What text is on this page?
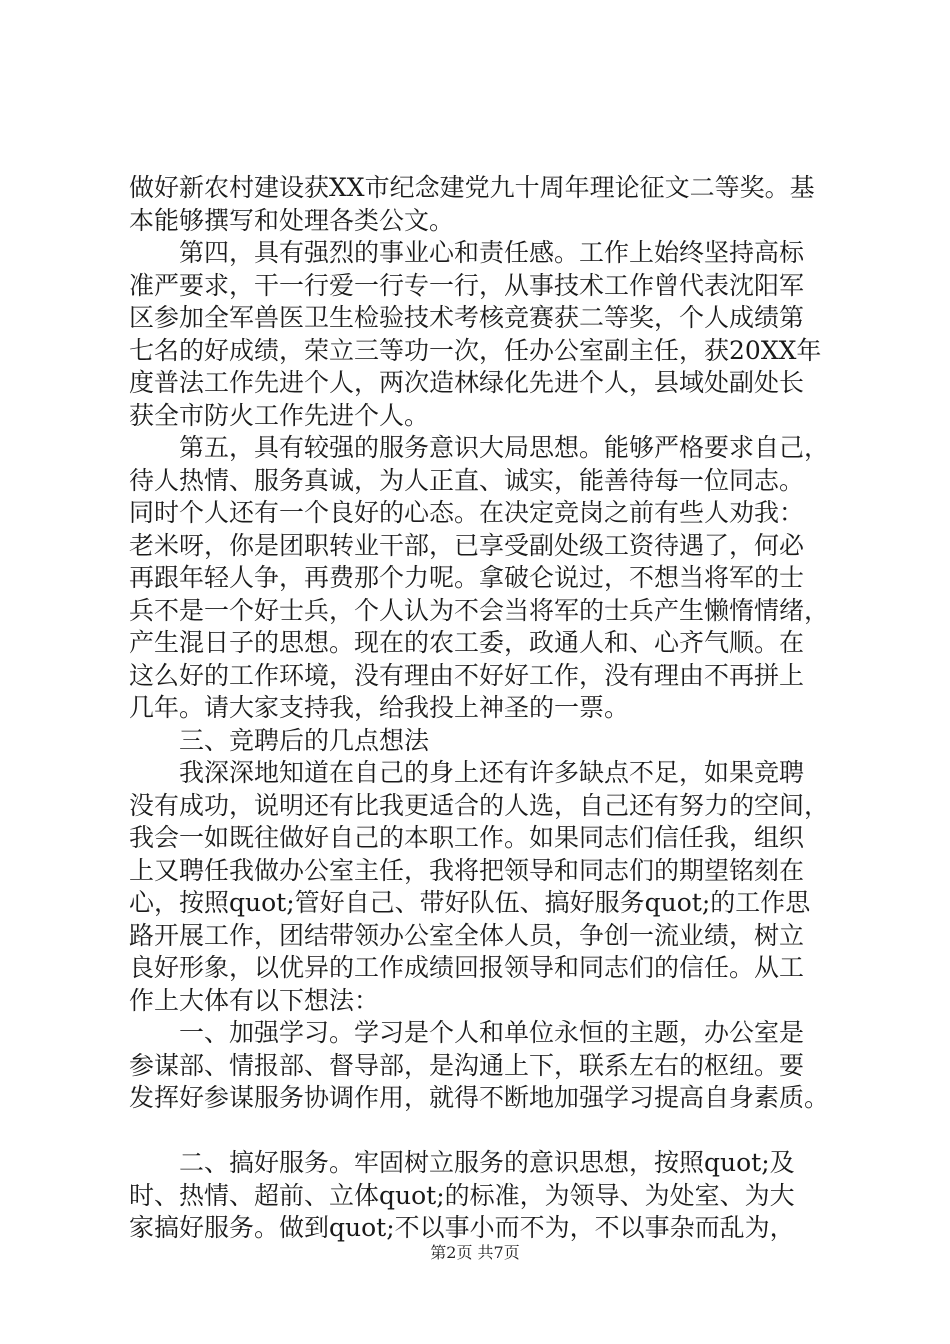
做好新农村建设获XX市纪念建党九十周年理论征文二等奖。基
本能够撰写和处理各类公文。
　　第四，具有强烈的事业心和责任感。工作上始终坚持高标
准严要求，干一行爱一行专一行，从事技术工作曾代表沈阳军
区参加全军兽医卫生检验技术考核竞赛获二等奖，个人成绩第
七名的好成绩，荣立三等功一次，任办公室副主任，获20XX年
度普法工作先进个人，两次造林绿化先进个人，县域处副处长
获全市防火工作先进个人。
　　第五，具有较强的服务意识大局思想。能够严格要求自己，
待人热情、服务真诚，为人正直、诚实，能善待每一位同志。
同时个人还有一个良好的心态。在决定竞岗之前有些人劝我：
老米呀，你是团职转业干部，已享受副处级工资待遇了，何必
再跟年轻人争，再费那个力呢。拿破仑说过，不想当将军的士
兵不是一个好士兵，个人认为不会当将军的士兵产生懒惰情绪，
产生混日子的思想。现在的农工委，政通人和、心齐气顺。在
这么好的工作环境，没有理由不好好工作，没有理由不再拼上
几年。请大家支持我，给我投上神圣的一票。
　　三、竞聘后的几点想法
　　我深深地知道在自己的身上还有许多缺点不足，如果竞聘
没有成功，说明还有比我更适合的人选，自己还有努力的空间，
我会一如既往做好自己的本职工作。如果同志们信任我，组织
上又聘任我做办公室主任，我将把领导和同志们的期望铭刻在
心，按照quot;管好自己、带好队伍、搞好服务quot;的工作思
路开展工作，团结带领办公室全体人员，争创一流业绩，树立
良好形象，以优异的工作成绩回报领导和同志们的信任。从工
作上大体有以下想法：
　　一、加强学习。学习是个人和单位永恒的主题，办公室是
参谋部、情报部、督导部，是沟通上下，联系左右的枢纽。要
发挥好参谋服务协调作用，就得不断地加强学习提高自身素质。
　　二、搞好服务。牢固树立服务的意识思想，按照quot;及
时、热情、超前、立体quot;的标准，为领导、为处室、为大
家搞好服务。做到quot;不以事小而不为，不以事杂而乱为，
第2页 共7页
